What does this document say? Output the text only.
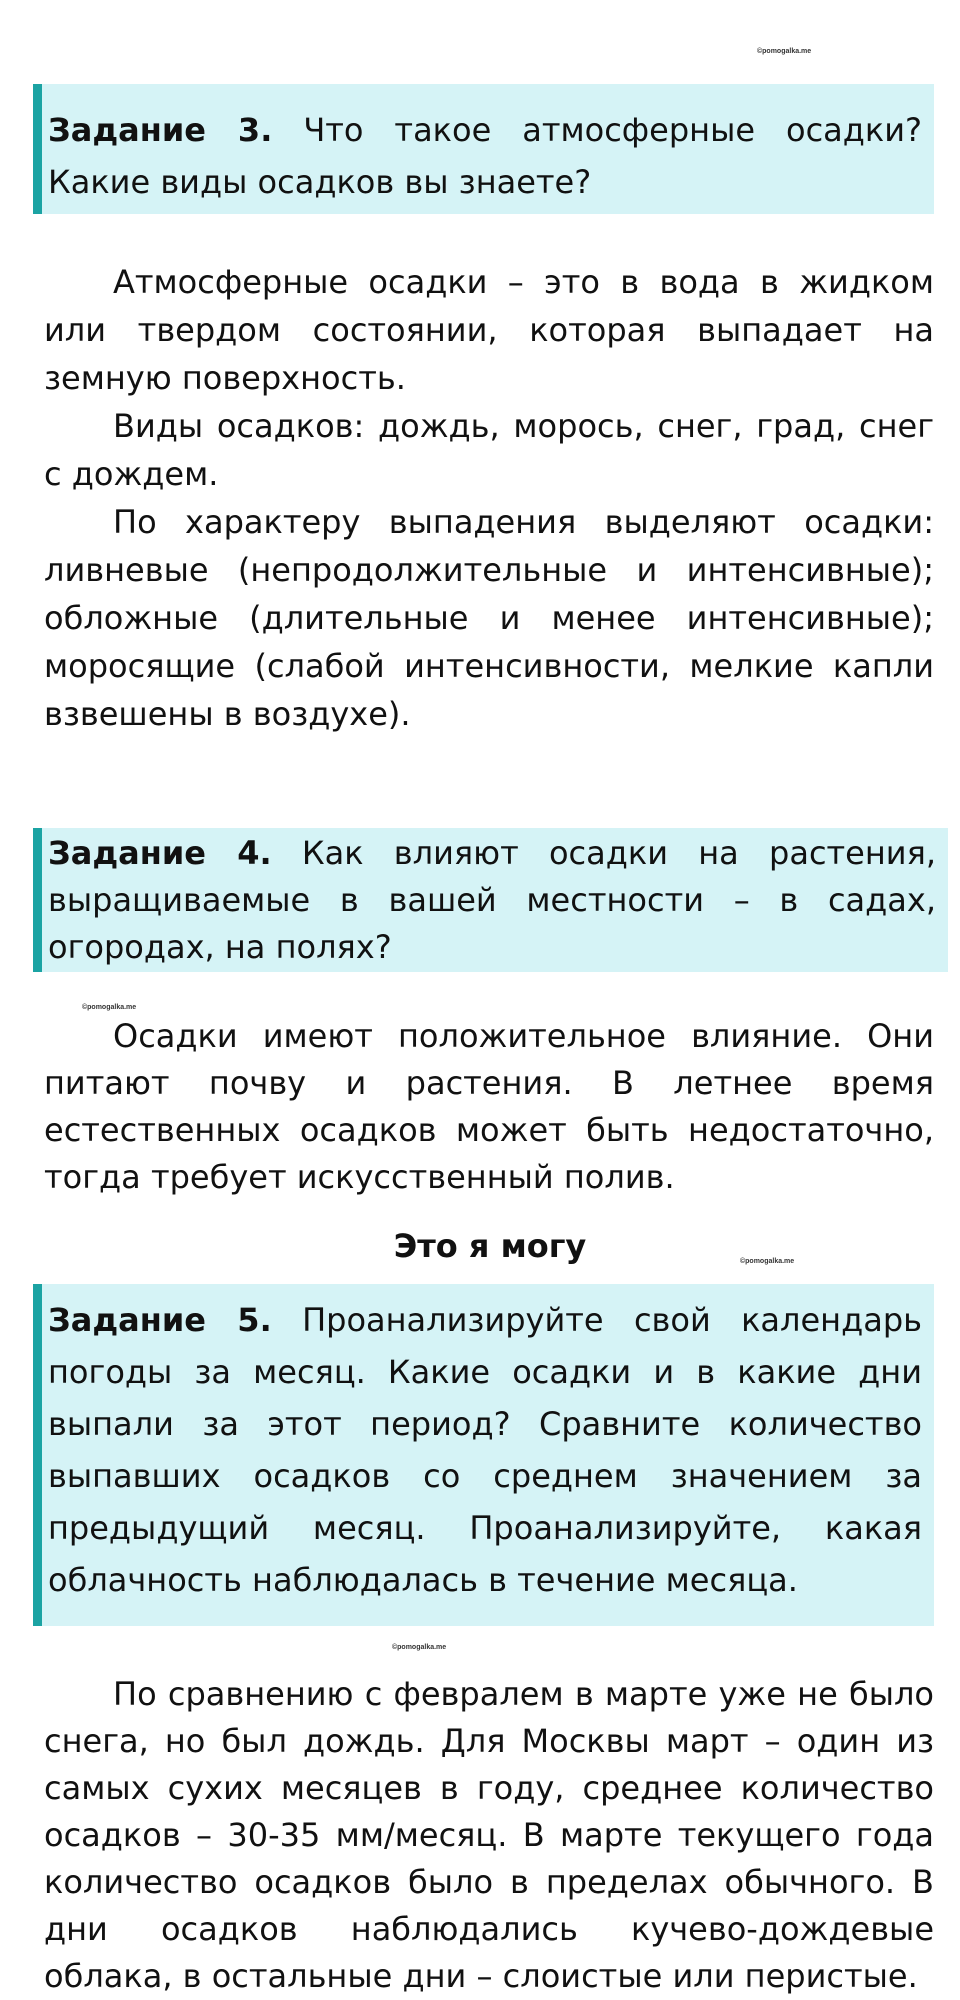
©pomogalka.me
Задание 3. Что такое атмосферные осадки? Какие виды осадков вы знаете?

Атмосферные осадки – это в вода в жидком или твердом состоянии, которая выпадает на земную поверхность.

Виды осадков: дождь, морось, снег, град, снег с дождем.

По характеру выпадения выделяют осадки: ливневые (непродолжительные и интенсивные); обложные (длительные и менее интенсивные); моросящие (слабой интенсивности, мелкие капли взвешены в воздухе).

Задание 4. Как влияют осадки на растения, выращиваемые в вашей местности – в садах, огородах, на полях?
©pomogalka.me

Осадки имеют положительное влияние. Они питают почву и растения. В летнее время естественных осадков может быть недостаточно, тогда требует искусственный полив.

Это я могу	©pomogalka.me
Задание 5. Проанализируйте свой календарь погоды за месяц. Какие осадки и в какие дни выпали за этот период? Сравните количество выпавших осадков со среднем значением за предыдущий месяц. Проанализируйте, какая облачность наблюдалась в течение месяца.
©pomogalka.me

По сравнению с февралем в марте уже не было снега, но был дождь. Для Москвы март – один из самых сухих месяцев в году, среднее количество осадков – 30-35 мм/месяц. В марте текущего года количество осадков было в пределах обычного. В дни осадков наблюдались кучево-дождевые облака, в остальные дни – слоистые или перистые.
